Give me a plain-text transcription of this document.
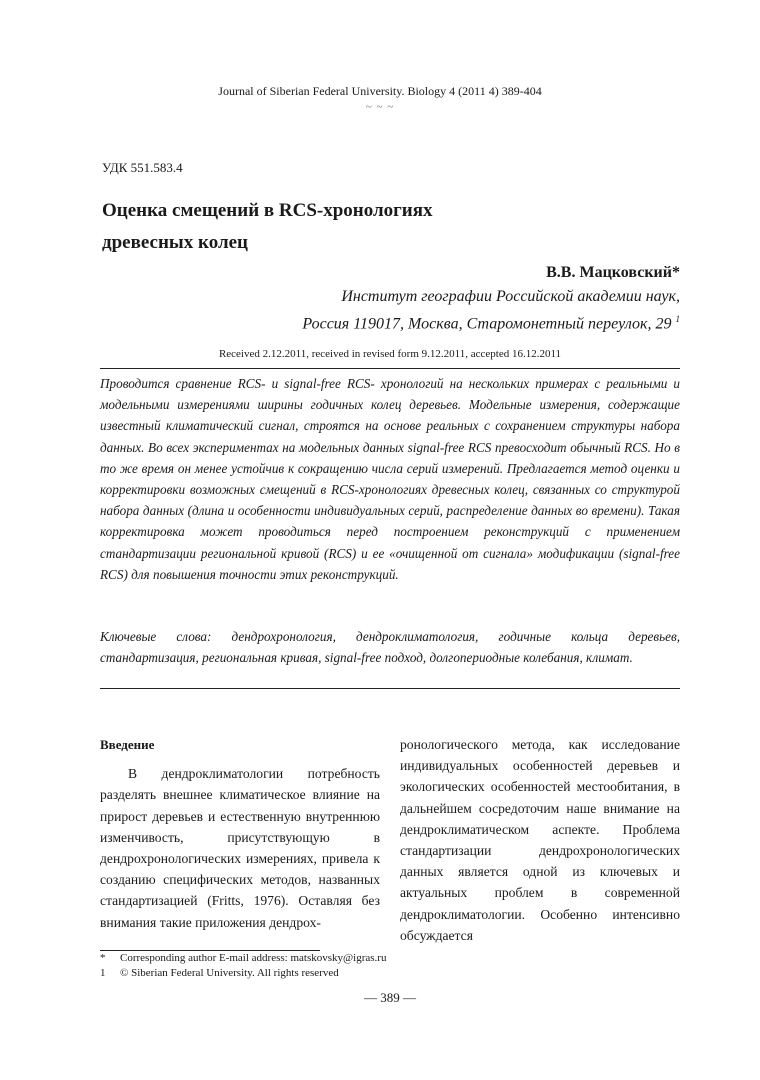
Journal of Siberian Federal University. Biology 4 (2011 4) 389-404
~ ~ ~
УДК 551.583.4
Оценка смещений в RCS-хронологиях
древесных колец
В.В. Мацковский*
Институт географии Российской академии наук,
Россия 119017, Москва, Старомонетный переулок, 29 $^1$
Received 2.12.2011, received in revised form 9.12.2011, accepted 16.12.2011
Проводится сравнение RCS- и signal-free RCS- хронологий на нескольких примерах с реальными и модельными измерениями ширины годичных колец деревьев. Модельные измерения, содержащие известный климатический сигнал, строятся на основе реальных с сохранением структуры набора данных. Во всех экспериментах на модельных данных signal-free RCS превосходит обычный RCS. Но в то же время он менее устойчив к сокращению числа серий измерений. Предлагается метод оценки и корректировки возможных смещений в RCS-хронологиях древесных колец, связанных со структурой набора данных (длина и особенности индивидуальных серий, распределение данных во времени). Такая корректировка может проводиться перед построением реконструкций с применением стандартизации региональной кривой (RCS) и ее «очищенной от сигнала» модификации (signal-free RCS) для повышения точности этих реконструкций.
Ключевые слова: дендрохронология, дендроклиматология, годичные кольца деревьев, стандартизация, региональная кривая, signal-free подход, долгопериодные колебания, климат.
Введение
В дендроклиматологии потребность разделять внешнее климатическое влияние на прирост деревьев и естественную внутреннюю изменчивость, присутствующую в дендрохронологических измерениях, привела к созданию специфических методов, названных стандартизацией (Fritts, 1976). Оставляя без внимания такие приложения дендрох-
ронологического метода, как исследование индивидуальных особенностей деревьев и экологических особенностей местообитания, в дальнейшем сосредоточим наше внимание на дендроклиматическом аспекте. Проблема стандартизации дендрохронологических данных является одной из ключевых и актуальных проблем в современной дендроклиматологии. Особенно интенсивно обсуждается
* Corresponding author E-mail address: matskovsky@igras.ru
1 © Siberian Federal University. All rights reserved
— 389 —
